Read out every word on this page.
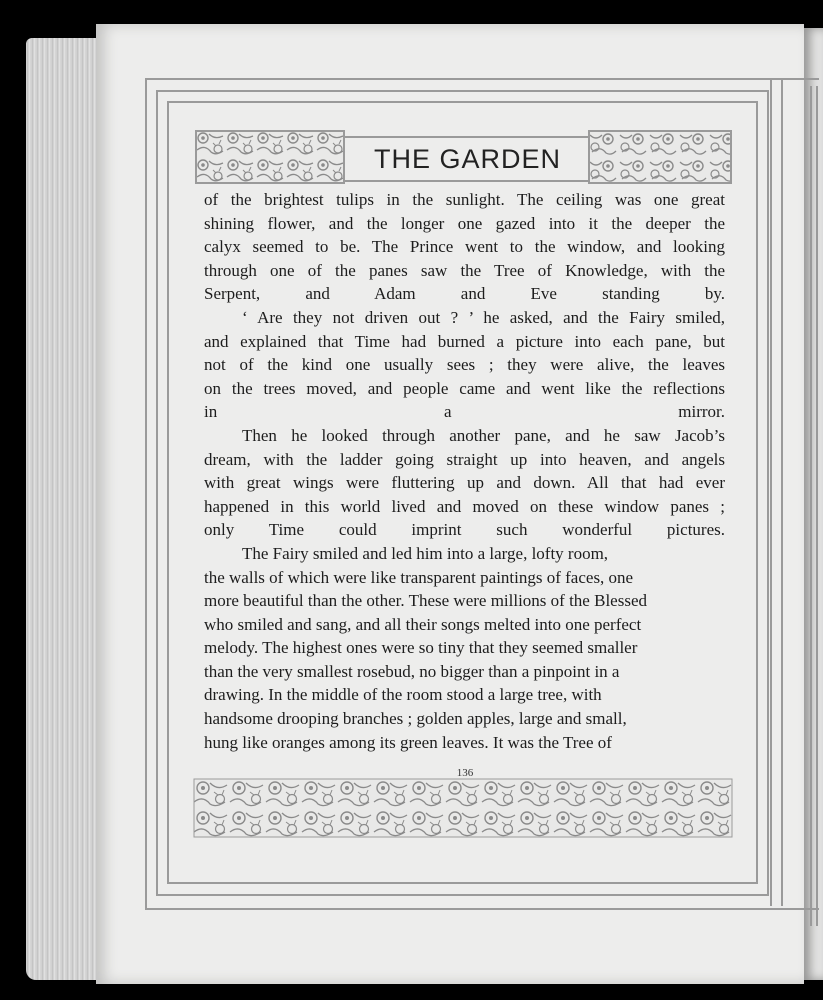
THE GARDEN

of the brightest tulips in the sunlight. The ceiling was one great
shining flower, and the longer one gazed into it the deeper the
calyx seemed to be. The Prince went to the window, and looking
through one of the panes saw the Tree of Knowledge, with the
Serpent, and Adam and Eve standing by.

‘ Are they not driven out ? ’ he asked, and the Fairy smiled,
and explained that Time had burned a picture into each pane, but
not of the kind one usually sees ; they were alive, the leaves
on the trees moved, and people came and went like the reflections
in a mirror.

Then he looked through another pane, and he saw Jacob’s
dream, with the ladder going straight up into heaven, and angels
with great wings were fluttering up and down. All that had ever
happened in this world lived and moved on these window panes ;
only Time could imprint such wonderful pictures.

The Fairy smiled and led him into a large, lofty room,
the walls of which were like transparent paintings of faces, one
more beautiful than the other. These were millions of the Blessed
who smiled and sang, and all their songs melted into one perfect
melody. The highest ones were so tiny that they seemed smaller
than the very smallest rosebud, no bigger than a pinpoint in a
drawing. In the middle of the room stood a large tree, with
handsome drooping branches ; golden apples, large and small,
hung like oranges among its green leaves. It was the Tree of

136
